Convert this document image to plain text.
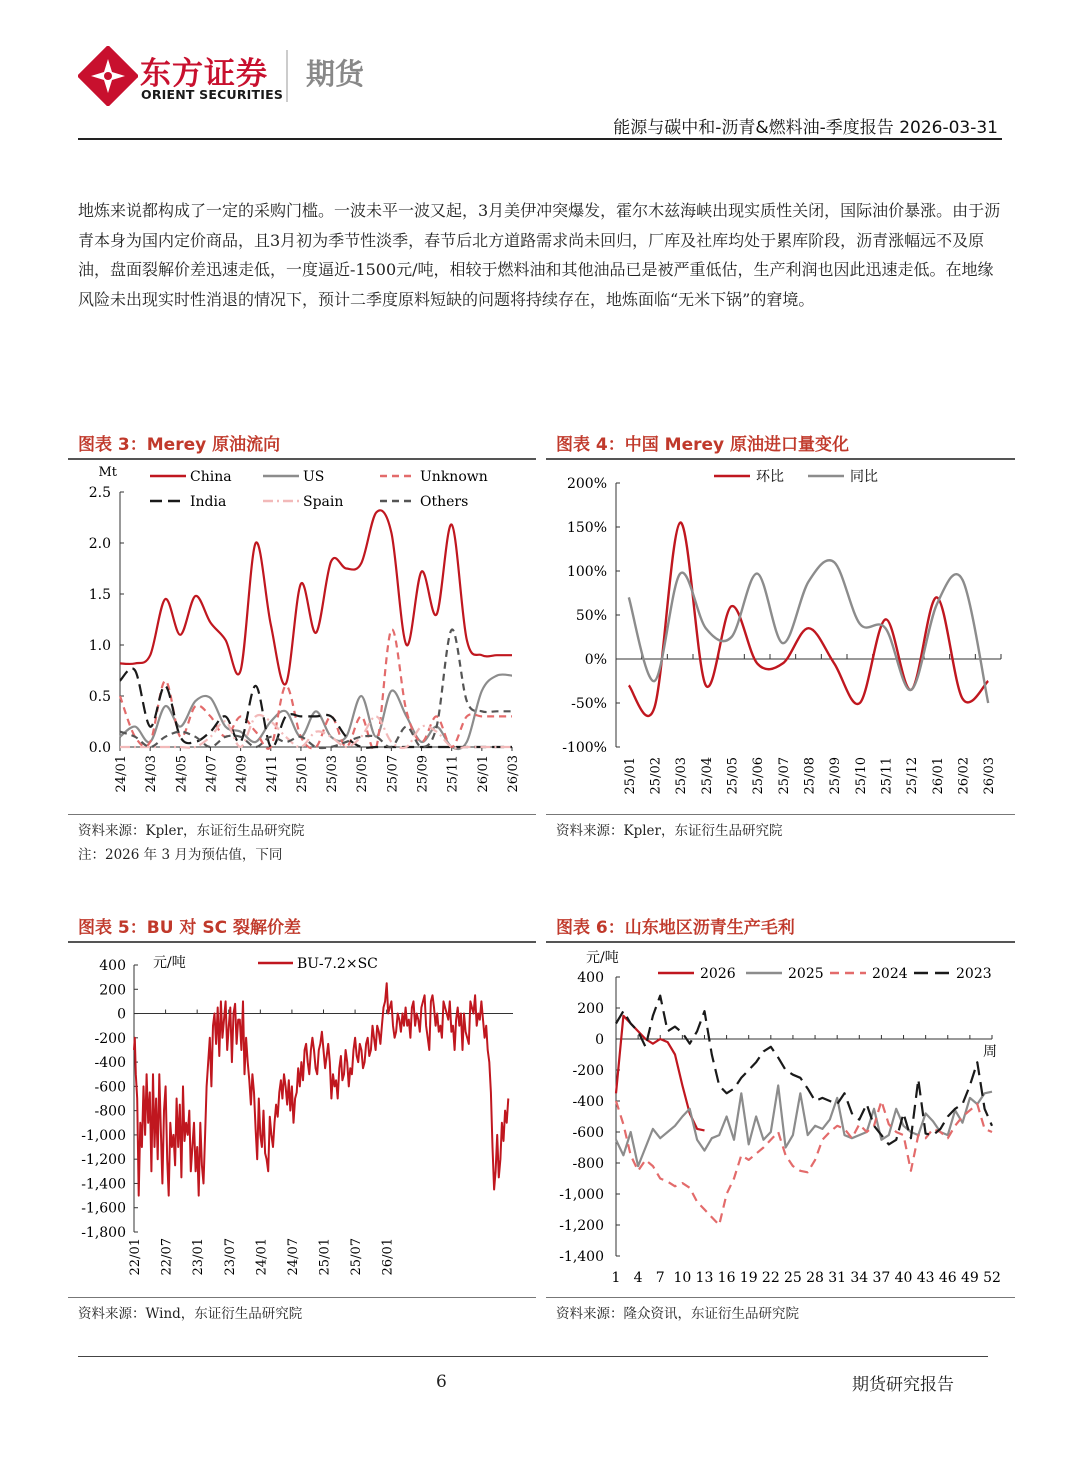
东方证券
ORIENT SECURITIES
期货
能源与碳中和-沥青&燃料油-季度报告 2026-03-31

地炼来说都构成了一定的采购门槛。一波未平一波又起，3月美伊冲突爆发，霍尔木兹海峡出现实质性关闭，国际油价暴涨。由于沥青本身为国内定价商品，且3月初为季节性淡季，春节后北方道路需求尚未回归，厂库及社库均处于累库阶段，沥青涨幅远不及原油，盘面裂解价差迅速走低，一度逼近-1500元/吨，相较于燃料油和其他油品已是被严重低估，生产利润也因此迅速走低。在地缘风险未出现实时性消退的情况下，预计二季度原料短缺的问题将持续存在，地炼面临“无米下锅”的窘境。

图表 3：Merey 原油流向
Mt
0.0
0.5
1.0
1.5
2.0
2.5
24/01 24/03 24/05 24/07 24/09 24/11 25/01 25/03 25/05 25/07 25/09 25/11 26/01 26/03
China	US	Unknown
India	Spain	Others
资料来源：Kpler，东证衍生品研究院
注：2026 年 3 月为预估值，下同
图表 4：中国 Merey 原油进口量变化
-100%
-50%
0%
50%
100%
150%
200%
25/01 25/02 25/03 25/04 25/05 25/06 25/07 25/08 25/09 25/10 25/11 25/12 26/01 26/02 26/03
环比	同比
资料来源：Kpler，东证衍生品研究院
图表 5：BU 对 SC 裂解价差
元/吨
-1,800
-1,600
-1,400
-1,200
-1,000
-800
-600
-400
-200
0
200
400
22/01 22/07 23/01 23/07 24/01 24/07 25/01 25/07 26/01
BU-7.2×SC
资料来源：Wind，东证衍生品研究院
图表 6：山东地区沥青生产毛利
元/吨
周
-1,400
-1,200
-1,000
-800
-600
-400
-200
0
200
400
1 4 7 10 13 16 19 22 25 28 31 34 37 40 43 46 49 52
2026	2025	2024	2023
资料来源：隆众资讯，东证衍生品研究院
6	期货研究报告
